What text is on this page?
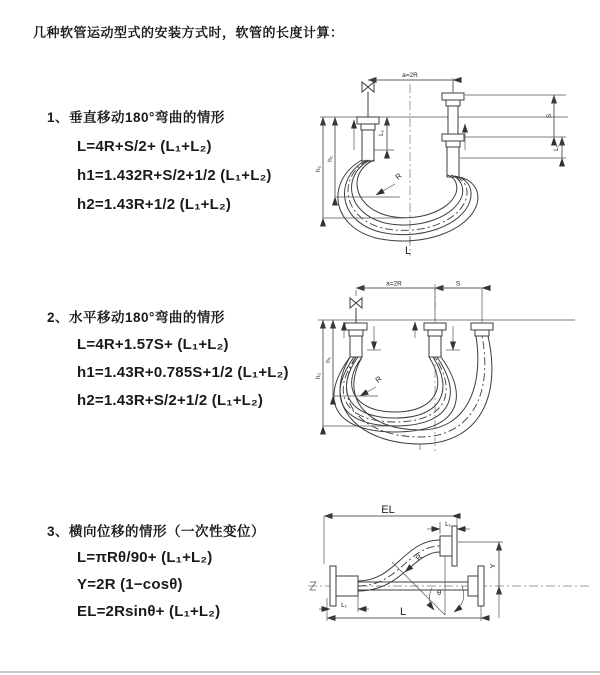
几种软管运动型式的安装方式时，软管的长度计算：
1、垂直移动180°弯曲的情形
L=4R+S/2+ (L₁+L₂)
h1=1.432R+S/2+1/2 (L₁+L₂)
h2=1.43R+1/2 (L₁+L₂)
2、水平移动180°弯曲的情形
L=4R+1.57S+ (L₁+L₂)
h1=1.43R+0.785S+1/2 (L₁+L₂)
h2=1.43R+S/2+1/2 (L₁+L₂)
3、横向位移的情形（一次性变位）
L=πRθ/90+ (L₁+L₂)
Y=2R (1−cosθ)
EL=2Rsinθ+ (L₁+L₂)
a=2R
R
h₂
h₁
L₁
S
L₁
L
a=2R	S
R
h₂
h₁
θ
R
EL
L₁
Y
L
L₁
